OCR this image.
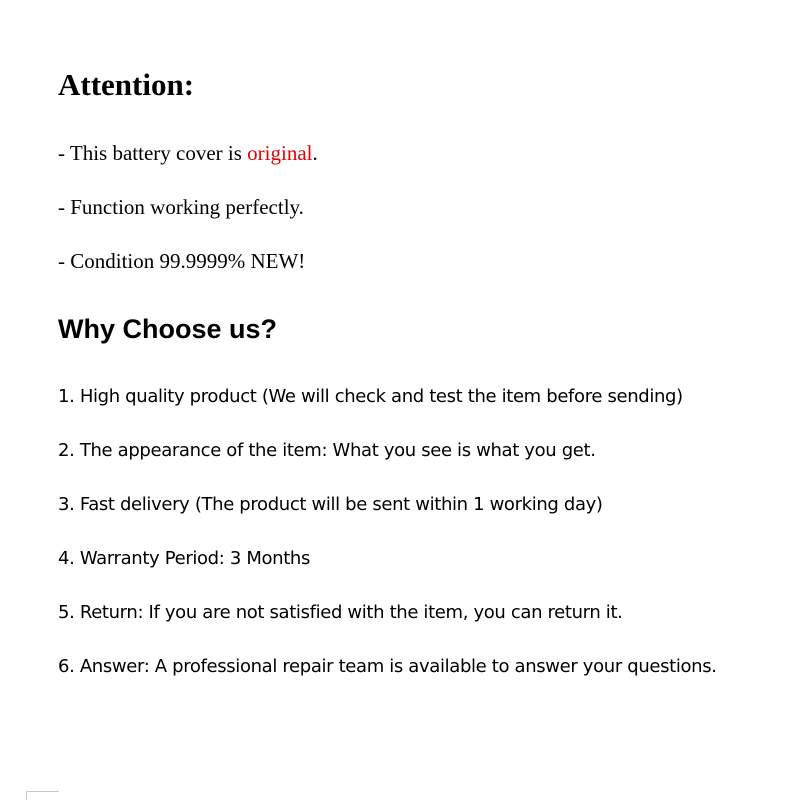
Attention:

- This battery cover is original.

- Function working perfectly.

- Condition 99.9999% NEW!

Why Choose us?

1. High quality product (We will check and test the item before sending)

2. The appearance of the item: What you see is what you get.

3. Fast delivery (The product will be sent within 1 working day)

4. Warranty Period: 3 Months

5. Return: If you are not satisfied with the item, you can return it.

6. Answer: A professional repair team is available to answer your questions.
